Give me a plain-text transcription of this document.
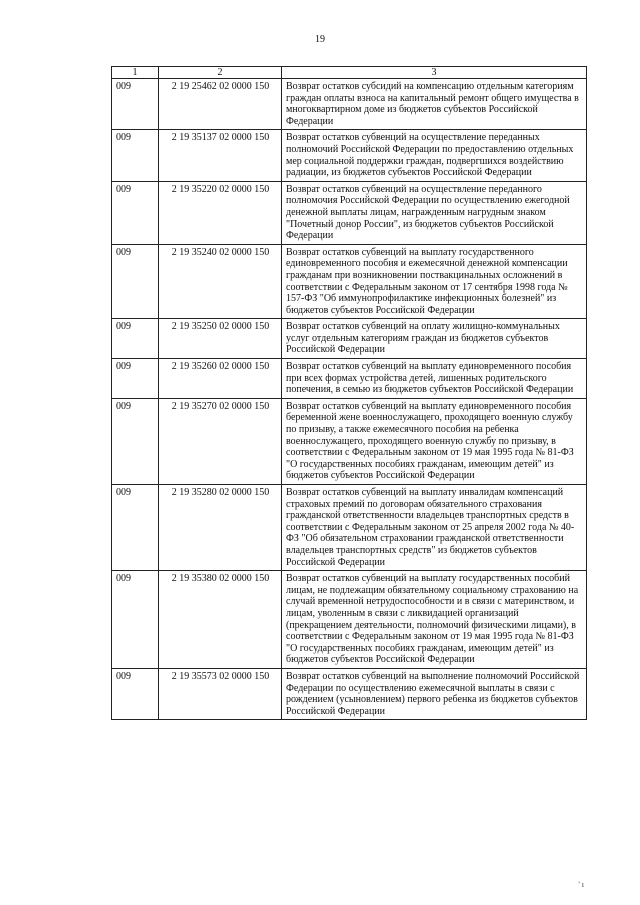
19
1	2	3
009	2 19 25462 02 0000 150	Возврат остатков субсидий на компенсацию отдельным категориям граждан оплаты взноса на капитальный ремонт общего имущества в многоквартирном доме из бюджетов субъектов Российской Федерации
009	2 19 35137 02 0000 150	Возврат остатков субвенций на осуществление переданных полномочий Российской Федерации по предоставлению отдельных мер социальной поддержки граждан, подвергшихся воздействию радиации, из бюджетов субъектов Российской Федерации
009	2 19 35220 02 0000 150	Возврат остатков субвенций на осуществление переданного полномочия Российской Федерации по осуществлению ежегодной денежной выплаты лицам, награжденным нагрудным знаком "Почетный донор России", из бюджетов субъектов Российской Федерации
009	2 19 35240 02 0000 150	Возврат остатков субвенций на выплату государственного единовременного пособия и ежемесячной денежной компенсации гражданам при возникновении поствакцинальных осложнений в соответствии с Федеральным законом от 17 сентября 1998 года № 157-ФЗ "Об иммунопрофилактике инфекционных болезней" из бюджетов субъектов Российской Федерации
009	2 19 35250 02 0000 150	Возврат остатков субвенций на оплату жилищно-коммунальных услуг отдельным категориям граждан из бюджетов субъектов Российской Федерации
009	2 19 35260 02 0000 150	Возврат остатков субвенций на выплату единовременного пособия при всех формах устройства детей, лишенных родительского попечения, в семью из бюджетов субъектов Российской Федерации
009	2 19 35270 02 0000 150	Возврат остатков субвенций на выплату единовременного пособия беременной жене военнослужащего, проходящего военную службу по призыву, а также ежемесячного пособия на ребенка военнослужащего, проходящего военную службу по призыву, в соответствии с Федеральным законом от 19 мая 1995 года № 81-ФЗ "О государственных пособиях гражданам, имеющим детей" из бюджетов субъектов Российской Федерации
009	2 19 35280 02 0000 150	Возврат остатков субвенций на выплату инвалидам компенсаций страховых премий по договорам обязательного страхования гражданской ответственности владельцев транспортных средств в соответствии с Федеральным законом от 25 апреля 2002 года № 40-ФЗ "Об обязательном страховании гражданской ответственности владельцев транспортных средств" из бюджетов субъектов Российской Федерации
009	2 19 35380 02 0000 150	Возврат остатков субвенций на выплату государственных пособий лицам, не подлежащим обязательному социальному страхованию на случай временной нетрудоспособности и в связи с материнством, и лицам, уволенным в связи с ликвидацией организаций (прекращением деятельности, полномочий физическими лицами), в соответствии с Федеральным законом от 19 мая 1995 года № 81-ФЗ "О государственных пособиях гражданам, имеющим детей" из бюджетов субъектов Российской Федерации
009	2 19 35573 02 0000 150	Возврат остатков субвенций на выполнение полномочий Российской Федерации по осуществлению ежемесячной выплаты в связи с рождением (усыновлением) первого ребенка из бюджетов субъектов Российской Федерации
' ı
